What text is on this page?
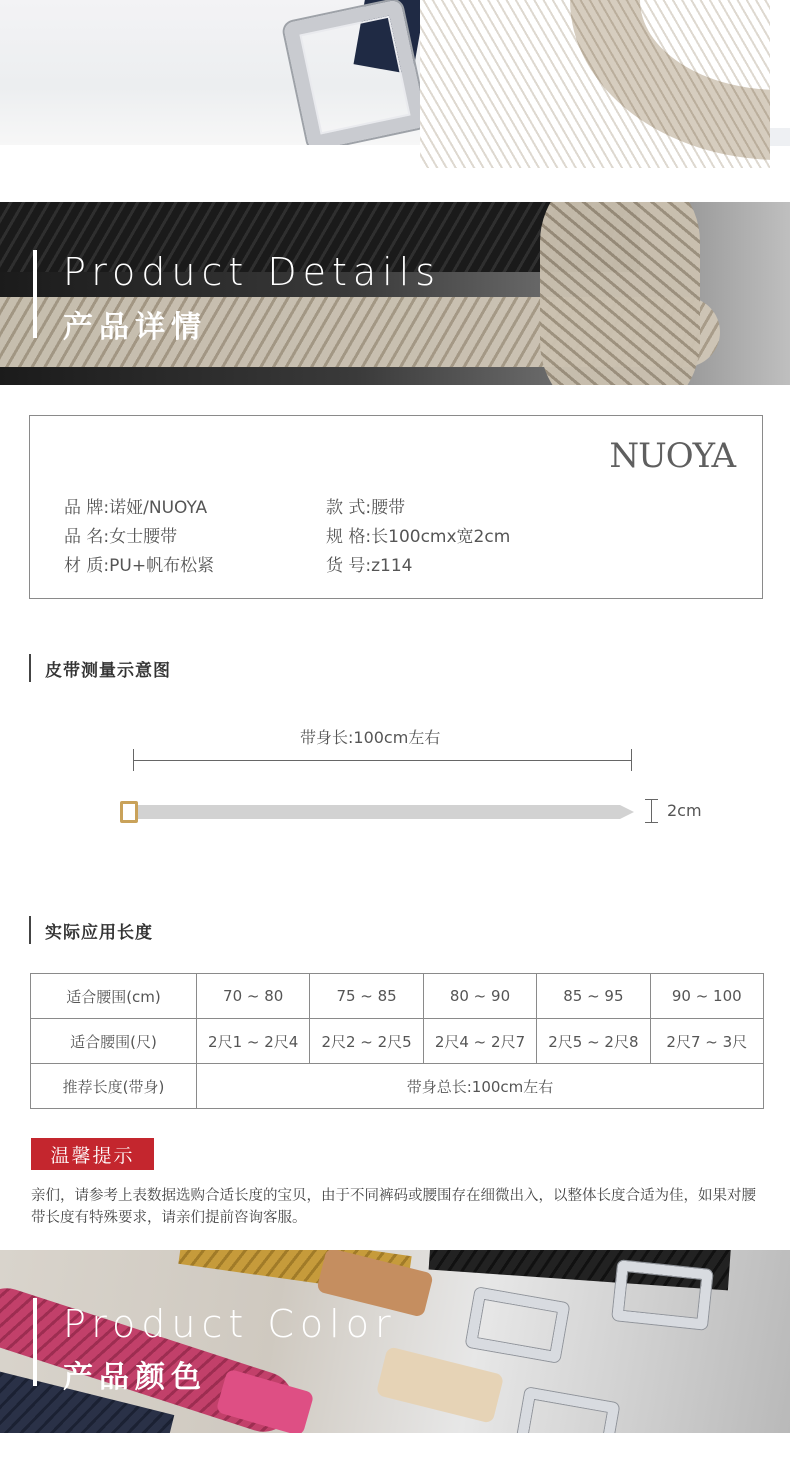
Product Details
产品详情
NUOYA
品 牌:诺娅/NUOYA	款 式:腰带
品 名:女士腰带	规 格:长100cmx宽2cm
材 质:PU+帆布松紧	货 号:z114
皮带测量示意图
带身长:100cm左右
2cm
实际应用长度
适合腰围(cm)	70 ~ 80	75 ~ 85	80 ~ 90	85 ~ 95	90 ~ 100
适合腰围(尺)	2尺1 ~ 2尺4	2尺2 ~ 2尺5	2尺4 ~ 2尺7	2尺5 ~ 2尺8	2尺7 ~ 3尺
推荐长度(带身)	带身总长:100cm左右				
温馨提示
亲们，请参考上表数据选购合适长度的宝贝，由于不同裤码或腰围存在细微出入，以整体长度合适为佳，如果对腰带长度有特殊要求，请亲们提前咨询客服。
Product Color
产品颜色
